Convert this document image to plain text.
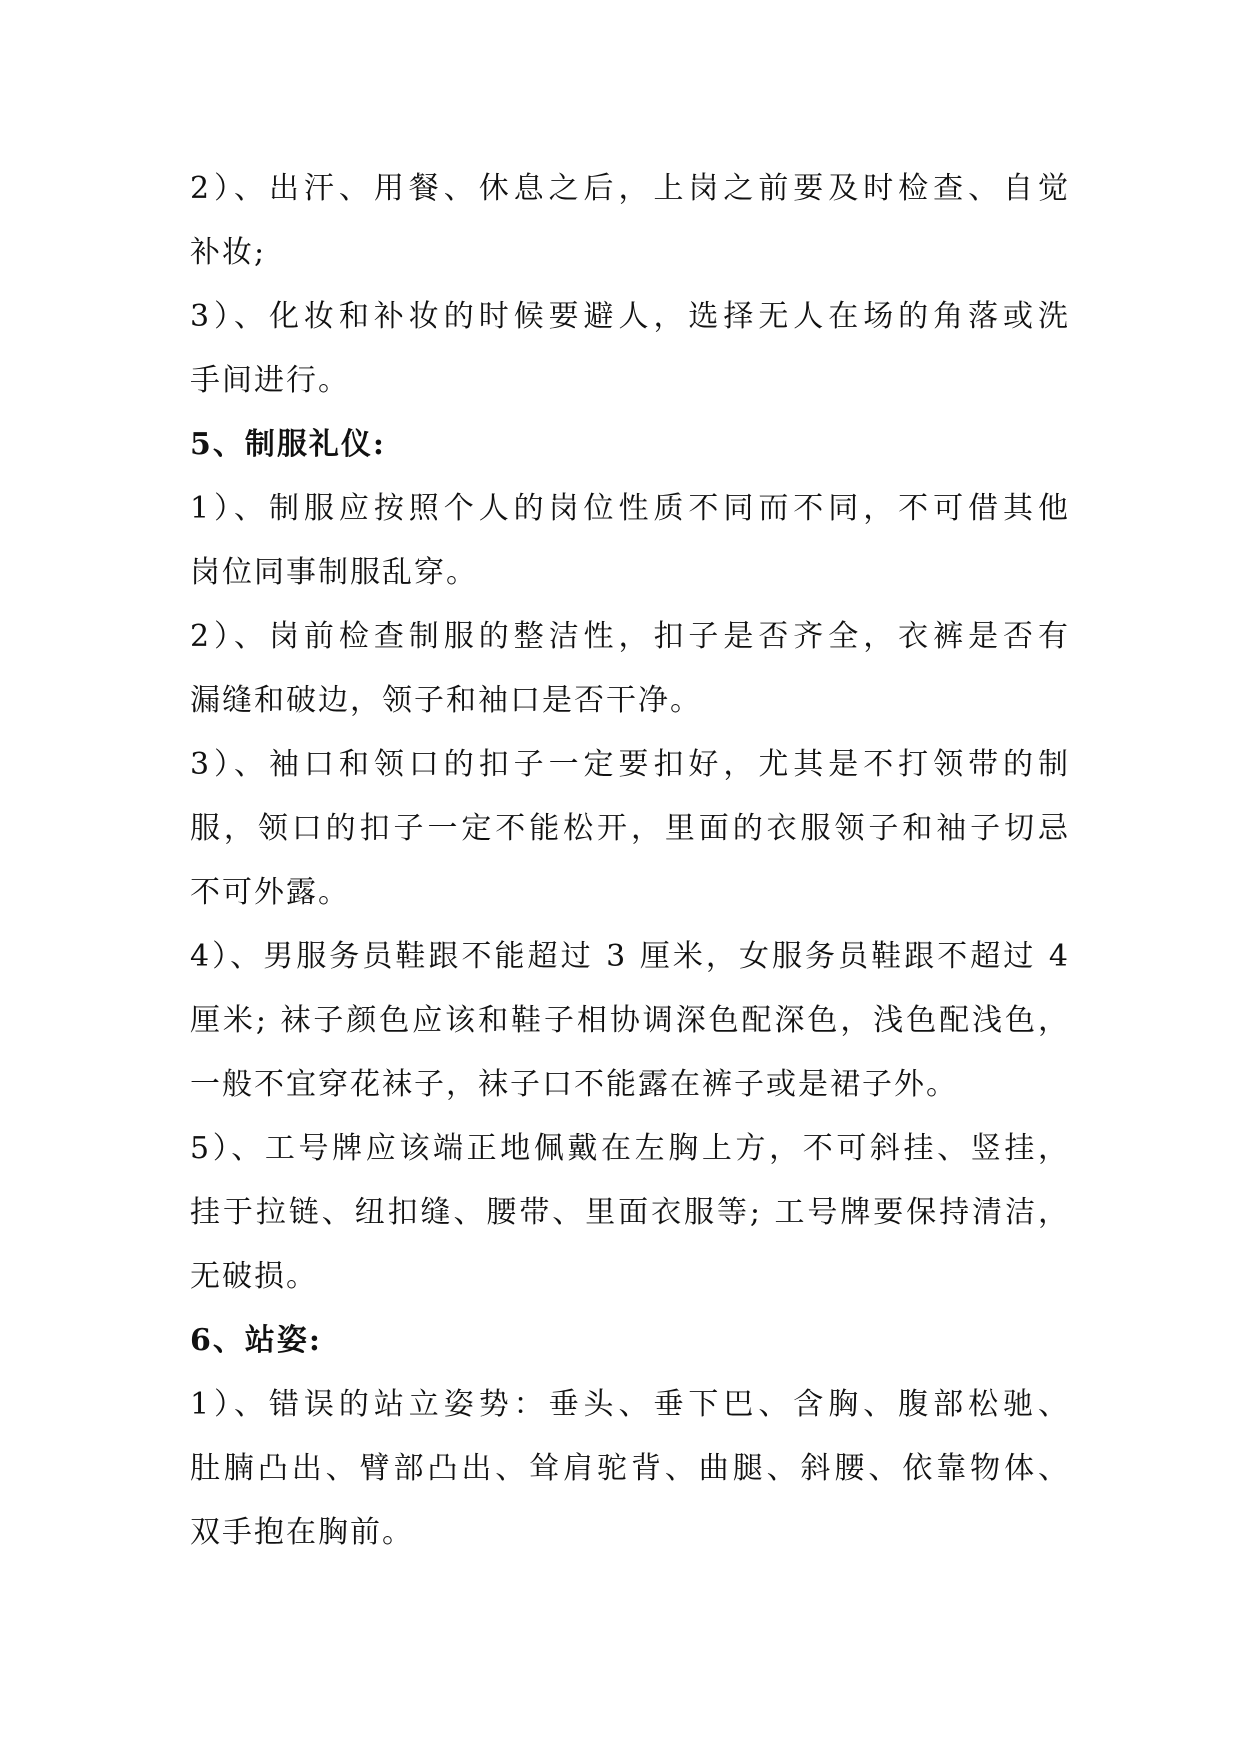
2）、出汗、用餐、休息之后，上岗之前要及时检查、自觉
补妆;
3）、化妆和补妆的时候要避人，选择无人在场的角落或洗
手间进行。
5、制服礼仪:
1）、制服应按照个人的岗位性质不同而不同，不可借其他
岗位同事制服乱穿。
2）、岗前检查制服的整洁性，扣子是否齐全，衣裤是否有
漏缝和破边，领子和袖口是否干净。
3）、袖口和领口的扣子一定要扣好，尤其是不打领带的制
服，领口的扣子一定不能松开，里面的衣服领子和袖子切忌
不可外露。
4）、男服务员鞋跟不能超过 3 厘米，女服务员鞋跟不超过 4
厘米; 袜子颜色应该和鞋子相协调深色配深色，浅色配浅色，
一般不宜穿花袜子，袜子口不能露在裤子或是裙子外。
5）、工号牌应该端正地佩戴在左胸上方，不可斜挂、竖挂，
挂于拉链、纽扣缝、腰带、里面衣服等; 工号牌要保持清洁，
无破损。
6、站姿:
1）、错误的站立姿势：垂头、垂下巴、含胸、腹部松驰、
肚腩凸出、臂部凸出、耸肩驼背、曲腿、斜腰、依靠物体、
双手抱在胸前。
